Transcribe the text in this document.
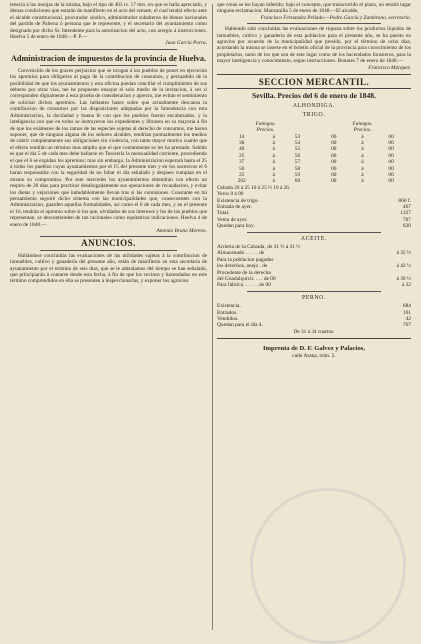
tenecía á las monjas de la misma, bajo el tipo de 403 rs. 17 mrs. en que se halla apreciado, y demas condiciones que estarán de manifiesto en el acto del remate, el cual tendrá efecto ante el alcalde constitucional, procurador síndico, administrador subalterno de bienes nacionales del partido de Palerna ó persona que le represente, y el secretario del ayuntamiento como designado por dicho Sr. Intendente para la autorizacion del acto, con arreglo á instrucciones. Huelva 5 de enero de 1848.—P. P.—

Juan García Parra.

Administracion de impuestos de la provincia de Huelva.

Convencido de los graves perjuicios que se irrogan á los pueblos de poner en ejecucion los apremios para obligarles al pago de la contribucion de consumos, y persuadido de la posibilidad de que los ayuntamientos y esta oficina puedan concillar el cumplimiento de sus deberes por otras vias, me he propuesto ensayar el solo medio de la invitacion, á ver si corresponden dignamente á esta prueba de consideracion y aprecio, me evitan el sentimiento de solicitar dichos apremios. Las hellantes bases sobre que actualmente descansa la contribucion de consumos por las disposiciones adoptadas por la Intendencia con esta Administracion, la dociladad y buena fe con que los pueblos fueron encabezados, y la inteligencia con que en todos se instruyeron los expedientes y librasen en su mayoría á fin de que los exámenes de los ramos de las especies sujetas al derecho de consumos, me hacen suponer, que de ninguno alguna de los señores alcaldes, tendrían puntualmente los medios de cubrir completamente sus obligaciones sin violencia, con tanto mayor motivo cuanto que el efecto tendrán un término mas amplio que el que comunmente se les ha prestado. Sabido es que el dia 5 de cada mes debe hallarse en Tesorería la mensualidad corriente, procediendo el que el 6 se expidan los apremios; mas sin embargo, la Administracion esperará hasta el 25 á todos los pueblos cuyas ayuntamientos por el 15 del presente mes y en los sucesivos el 6 haran responsable con la seguridad de no faltar el dia señalado y despues cumplan en el mismo su compromiso. Por este mercedes los ayuntamientos obtendrán con efecto un respiro de 20 dias para practicar desahogadamente sus operaciones de recaudacion, y evitar los dietas y vejaciones que indudablemente llevan tras si las comisiones. Constante en mi pensamiento seguiré dicho sistema con las municipalidades que, consecuentes con la Administracion, guarden aquellas formalidades, asi como el 6 de cada mes, y en el presente el 16, tendrán el apremio sobre si los que, olvidados de sus intereses y los de los pueblos que representan, se descontienden de tan racionales como equitativas indicaciones. Huelva 4 de enero de 1848.—

Antonio Bruno Moreno.

ANUNCIOS.

Hallándose concluidas las evaluaciones de las utilidades sujetas á la contribucion de inmuebles, cultivo y ganadería del presente año, están de manifiesto en esta secretaría de ayuntamiento por el término de seis dias, que se le adeudamos del tiempo se han señalado, que principiarán á contarse desde esta fecha, á fin de que los vecinos y hacendados en este término comprendidos en ella se presenten á inspeccionarlas, y exponer los agravios

que crean se les hayan inferido; bajo el concepto, que transcurrido el plazo, no tendrá lugar ninguna reclamacion. Manzanilla 5 de enero de 1848.—El alcalde,

Francisco Fernandez Pellado.—Pedro García y Zambrano, secretario.

Habiendo sido concluidas las evaluaciones de riqueza sobre los productos líquidos de inmuebles, cultivo y ganadería de esta poblacion para el presente año, se ha puesto en agravios por acuerdo de la municipalidad que presido, por el término de ocho dias, acordando la misma se inserte en el boletin oficial de la provincia para conocimiento de los propietarios, tanto de los que son de este lugar como de los hacendados forasteros, para la mayor inteligencia y conocimiento, segun instrucciones. Bonares 7 de enero de 1848.—

Francisco Márquez.

SECCION MERCANTIL.

Sevilla. Precios del 6 de enero de 1848.

ALHONDIGA.

TRIGO.

Fanegas.			Fanegas.		
Precios.			Precios.		
14	á	53	00	á	00
38	á	54	00	á	00
40	á	55	00	á	00
25	á	56	00	á	00
37	á	57	00	á	00
56	á	58	00	á	00
25	á	59	00	á	00
202	á	60	00	á	00

Cebada 20 á 25 10 á 25 ½ 10 á 26.

Yeros 0 á 00

Existencia de trigo.	860 f.
Entrada de ayer.	467
Total.	1327
Venta de ayer.	707
Quedan para hoy.	620

ACEITE.

Arrieria de la Calzada, de 31 ½ á 31 ½	
Almacenado . . . . . de	á 35 ½
Para la poblacion pagados	
los derechos, anejo . de	á 42 ½
Procedente de la derecha	
del Guadalquivir. . . . de 00	á 30 ½
Para fábrica. . . . . . de 00	á 32

PERNO.

Existencia.	684
Entrados.	161
Vendidos.	42
Quedan para el dia 4.	767

De 31 á 34 cuartos.

Imprenta de D. F. Galvez y Palacios,

calle Arana, núm. 5.
